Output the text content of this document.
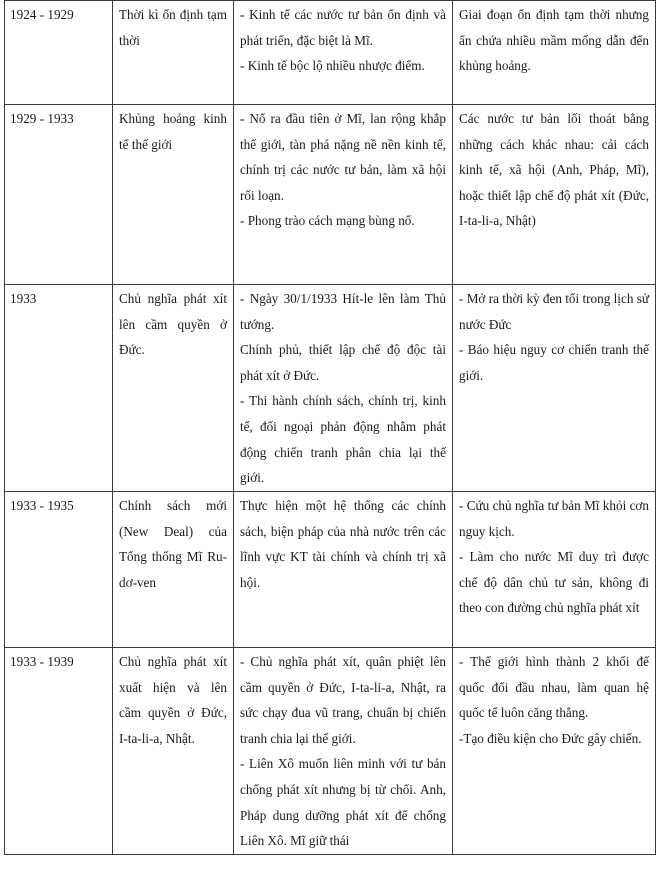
1924 - 1929	Thời kì ổn định tạm thời	- Kinh tế các nước tư bản ổn định và phát triển, đặc biệt là Mĩ.
- Kinh tế bộc lộ nhiều nhược điểm.	Giai đoạn ổn định tạm thời nhưng ẩn chứa nhiều mầm mống dẫn đến khủng hoảng.

1929 - 1933	Khủng hoảng kinh tế thế giới	- Nổ ra đầu tiên ở Mĩ, lan rộng khắp thế giới, tàn phá nặng nề nền kinh tế, chính trị các nước tư bản, làm xã hội rối loạn.
- Phong trào cách mạng bùng nổ.	Các nước tư bản lối thoát bằng những cách khác nhau: cải cách kinh tế, xã hội (Anh, Pháp, Mĩ), hoặc thiết lập chế độ phát xít (Đức, I-ta-li-a, Nhật)

1933	Chủ nghĩa phát xít lên cầm quyền ở Đức.	- Ngày 30/1/1933 Hít-le lên làm Thủ tướng.
Chính phủ, thiết lập chế độ độc tài phát xít ở Đức.
- Thi hành chính sách, chính trị, kinh tế, đối ngoại phản động nhằm phát động chiến tranh phân chia lại thế giới.	- Mở ra thời kỳ đen tối trong lịch sử nước Đức
- Báo hiệu nguy cơ chiến tranh thế giới.

1933 - 1935	Chính sách mới (New Deal) của Tổng thống Mĩ Ru-dơ-ven	Thực hiện một hệ thống các chính sách, biện pháp của nhà nước trên các lĩnh vực KT tài chính và chính trị xã hội.	- Cứu chủ nghĩa tư bản Mĩ khỏi cơn nguy kịch.
- Làm cho nước Mĩ duy trì được chế độ dân chủ tư sản, không đi theo con đường chủ nghĩa phát xít

1933 - 1939	Chủ nghĩa phát xít xuất hiện và lên cầm quyền ở Đức, I-ta-li-a, Nhật.	- Chủ nghĩa phát xít, quân phiệt lên cầm quyền ở Đức, I-ta-li-a, Nhật, ra sức chạy đua vũ trang, chuẩn bị chiến tranh chia lại thế giới.
- Liên Xô muốn liên minh với tư bản chống phát xít nhưng bị từ chối. Anh, Pháp dung dưỡng phát xít để chống Liên Xô. Mĩ giữ thái	- Thế giới hình thành 2 khối đế quốc đối đầu nhau, làm quan hệ quốc tế luôn căng thẳng.
-Tạo điều kiện cho Đức gây chiến.
